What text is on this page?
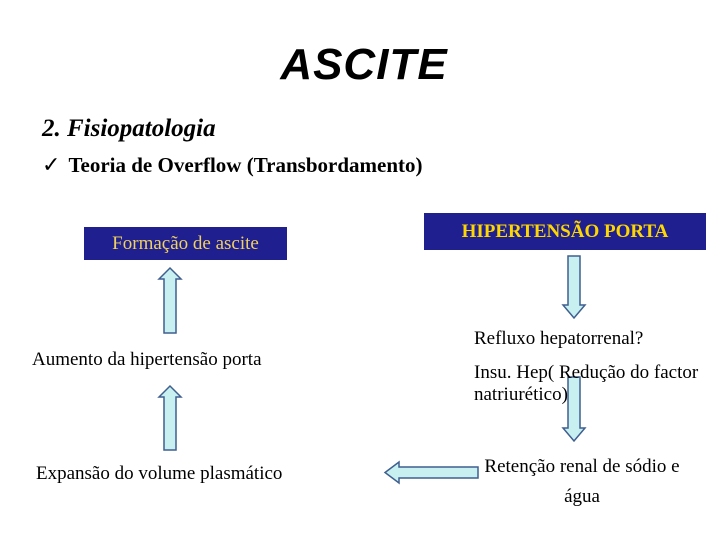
ASCITE
2. Fisiopatologia
✓ Teoria de Overflow (Transbordamento)
Formação de ascite
HIPERTENSÃO PORTA
Aumento da hipertensão porta
Expansão do volume plasmático
Refluxo hepatorrenal?
Insu. Hep( Redução do factor natriurético)
Retenção renal de sódio e água
